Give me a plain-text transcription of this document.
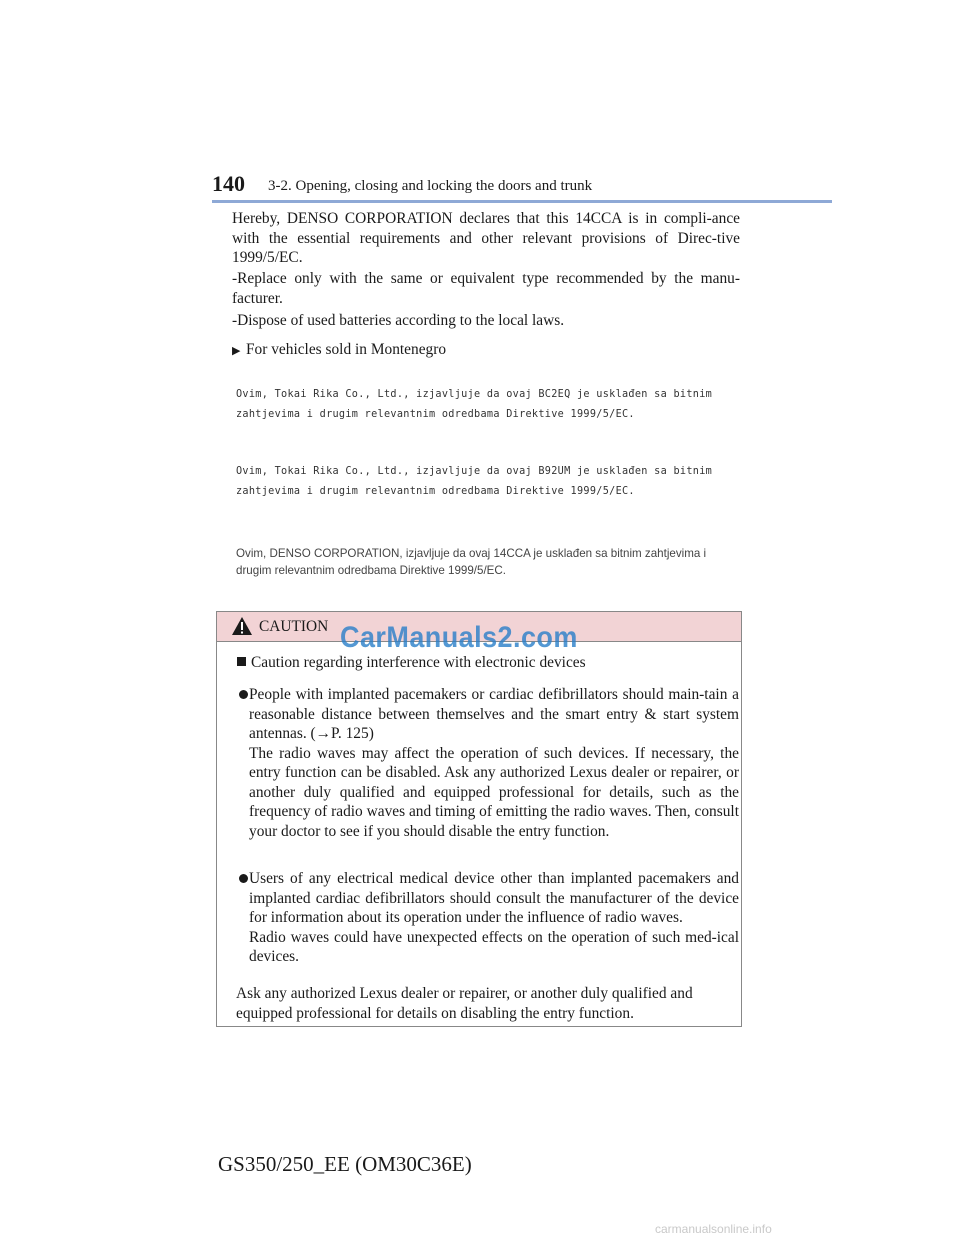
140 3-2. Opening, closing and locking the doors and trunk

Hereby, DENSO CORPORATION declares that this 14CCA is in compli-ance with the essential requirements and other relevant provisions of Direc-tive 1999/5/EC.

-Replace only with the same or equivalent type recommended by the manu-facturer.

-Dispose of used batteries according to the local laws.

▶ For vehicles sold in Montenegro

Ovim, Tokai Rika Co., Ltd., izjavljuje da ovaj BC2EQ je usklađen sa bitnim zahtjevima i drugim relevantnim odredbama Direktive 1999/5/EC.

Ovim, Tokai Rika Co., Ltd., izjavljuje da ovaj B92UM je usklađen sa bitnim zahtjevima i drugim relevantnim odredbama Direktive 1999/5/EC.

Ovim, DENSO CORPORATION, izjavljuje da ovaj 14CCA je usklađen sa bitnim zahtjevima i drugim relevantnim odredbama Direktive 1999/5/EC.

CAUTION
Caution regarding interference with electronic devices

People with implanted pacemakers or cardiac defibrillators should main-tain a reasonable distance between themselves and the smart entry & start system antennas. (→P. 125)
The radio waves may affect the operation of such devices. If necessary, the entry function can be disabled. Ask any authorized Lexus dealer or repairer, or another duly qualified and equipped professional for details, such as the frequency of radio waves and timing of emitting the radio waves. Then, consult your doctor to see if you should disable the entry function.

Users of any electrical medical device other than implanted pacemakers and implanted cardiac defibrillators should consult the manufacturer of the device for information about its operation under the influence of radio waves.
Radio waves could have unexpected effects on the operation of such med-ical devices.

Ask any authorized Lexus dealer or repairer, or another duly qualified and equipped professional for details on disabling the entry function.

CarManuals2.com
GS350/250_EE (OM30C36E)
carmanualsonline.info
